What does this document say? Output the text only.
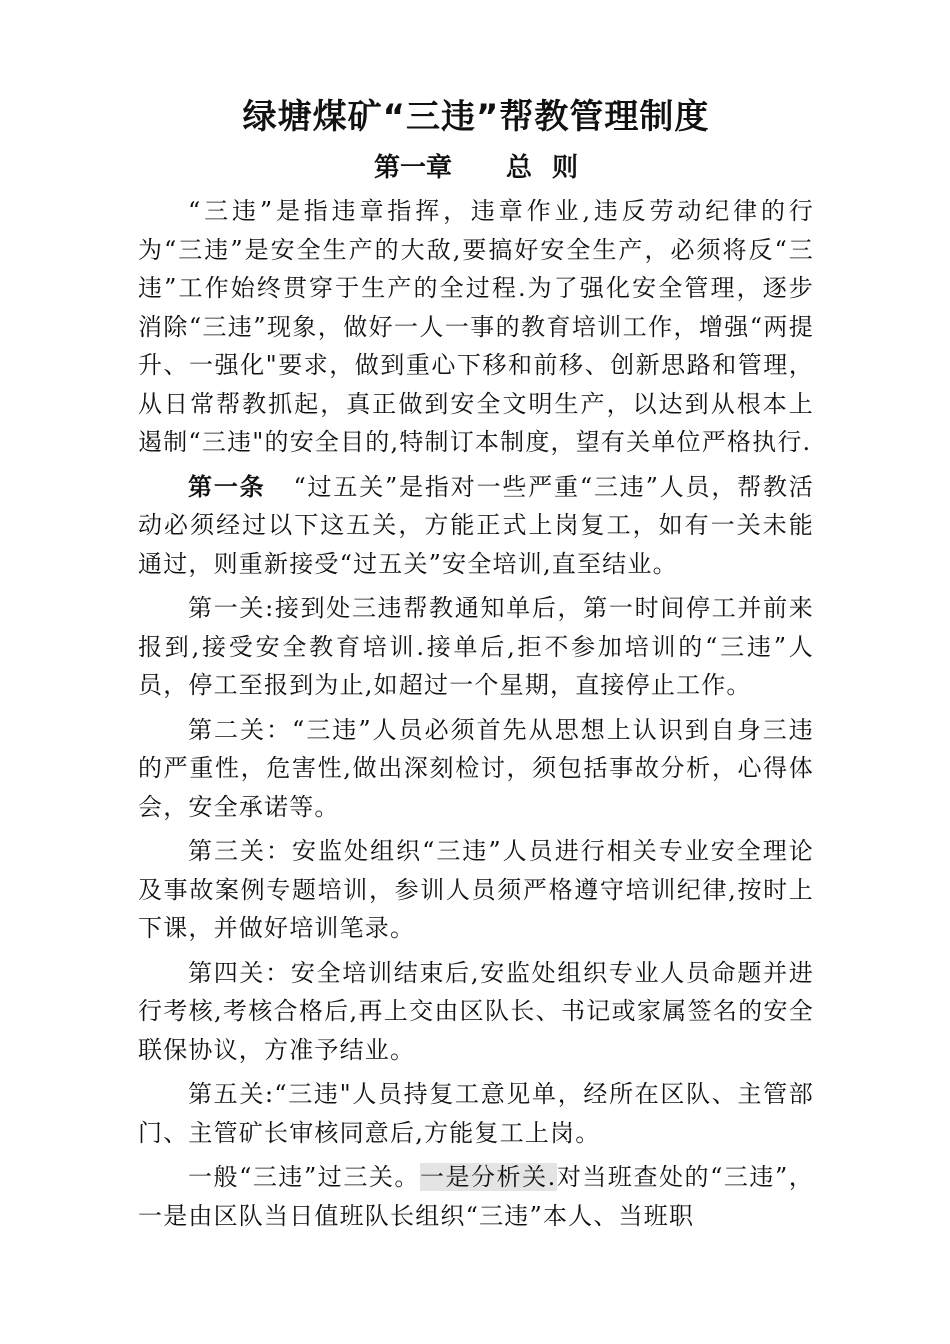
绿塘煤矿“三违”帮教管理制度
第一章 总 则

“三违”是指违章指挥，违章作业,违反劳动纪律的行为“三违”是安全生产的大敌,要搞好安全生产，必须将反“三违”工作始终贯穿于生产的全过程.为了强化安全管理，逐步消除“三违”现象，做好一人一事的教育培训工作，增强“两提升、一强化"要求，做到重心下移和前移、创新思路和管理，从日常帮教抓起，真正做到安全文明生产，以达到从根本上遏制“三违"的安全目的,特制订本制度，望有关单位严格执行.

第一条 “过五关”是指对一些严重“三违”人员，帮教活动必须经过以下这五关，方能正式上岗复工，如有一关未能通过，则重新接受“过五关”安全培训,直至结业。

第一关:接到处三违帮教通知单后，第一时间停工并前来报到,接受安全教育培训.接单后,拒不参加培训的“三违”人员，停工至报到为止,如超过一个星期，直接停止工作。

第二关：“三违”人员必须首先从思想上认识到自身三违的严重性，危害性,做出深刻检讨，须包括事故分析，心得体会，安全承诺等。

第三关：安监处组织“三违”人员进行相关专业安全理论及事故案例专题培训，参训人员须严格遵守培训纪律,按时上下课，并做好培训笔录。

第四关：安全培训结束后,安监处组织专业人员命题并进行考核,考核合格后,再上交由区队长、书记或家属签名的安全联保协议，方准予结业。

第五关:“三违"人员持复工意见单，经所在区队、主管部门、主管矿长审核同意后,方能复工上岗。

一般“三违”过三关。一是分析关.对当班查处的“三违”，一是由区队当日值班队长组织“三违”本人、当班职
